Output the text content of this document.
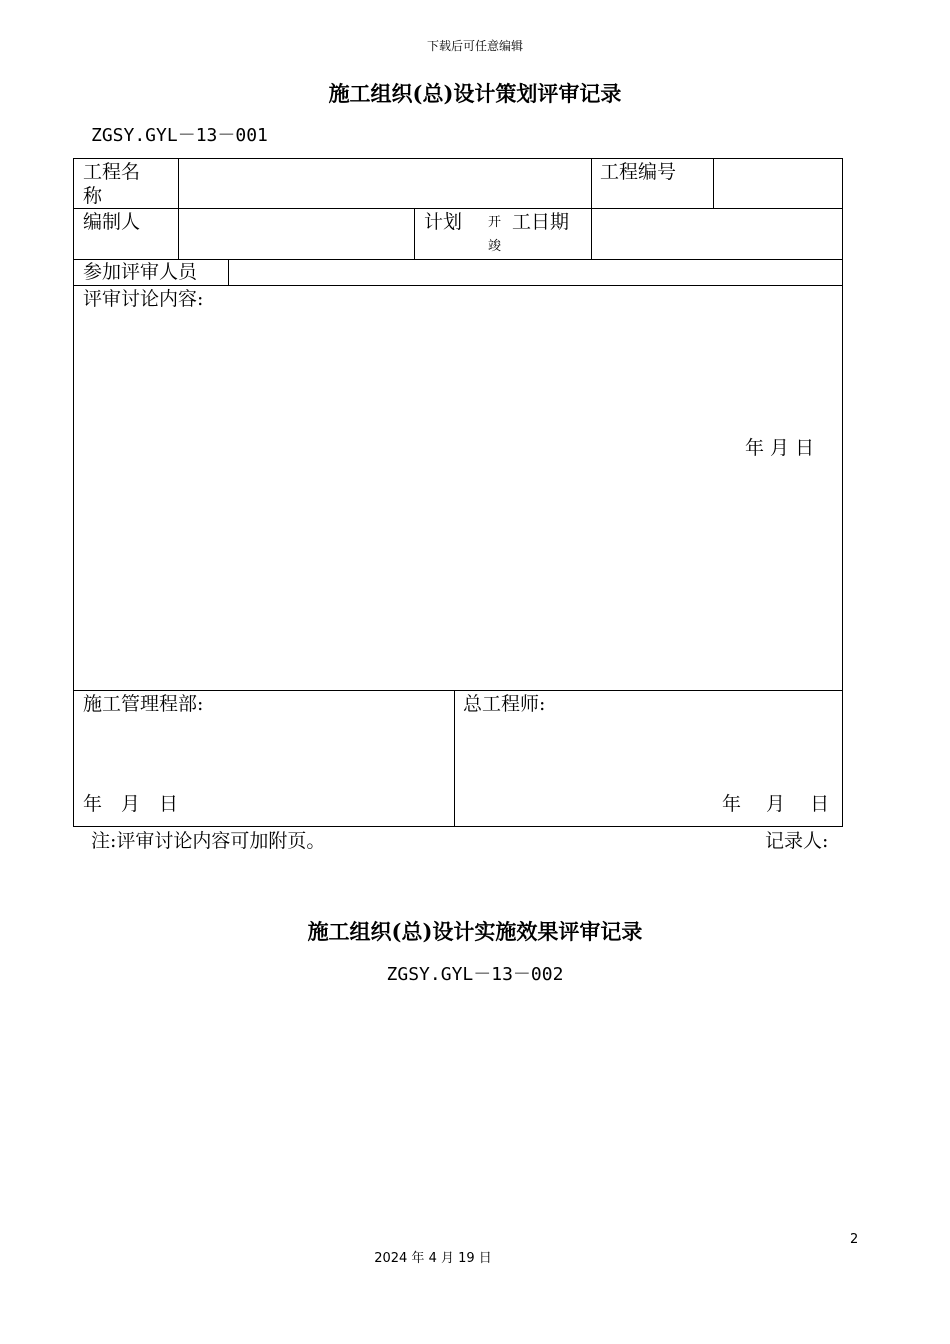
下载后可任意编辑
施工组织(总)设计策划评审记录
ZGSY.GYL－13－001
工程名
称
工程编号
编制人	计划 开
竣
工日期
参加评审人员
评审讨论内容:
年 月 日
施工管理程部:
年　月　日
总工程师:
年　 月　 日
注:评审讨论内容可加附页。	记录人:
施工组织(总)设计实施效果评审记录
ZGSY.GYL－13－002
2
2024 年 4 月 19 日
